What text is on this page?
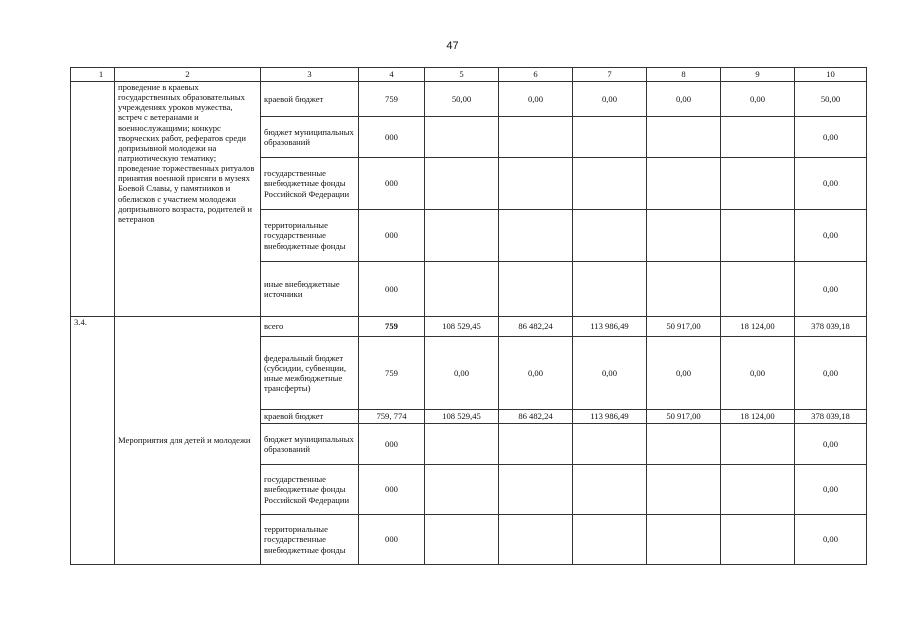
47
1	2	3	4	5	6	7	8	9	10
	проведение в краевых государственных образовательных учреждениях уроков мужества, встреч с ветеранами и военнослужащими; конкурс творческих работ, рефератов среди допризывной молодежи на патриотическую тематику; проведение торжественных ритуалов принятия военной присяги в музеях Боевой Славы, у памятников и обелисков с участием молодежи допризывного возраста, родителей и ветеранов	краевой бюджет	759	50,00	0,00	0,00	0,00	0,00	50,00
		бюджет муниципальных образований	000						0,00
		государственные внебюджетные фонды Российской Федерации	000						0,00
		территориальные государственные внебюджетные фонды	000						0,00
		иные внебюджетные источники	000						0,00
3.4.	Мероприятия для детей и молодежи	всего	759	108 529,45	86 482,24	113 986,49	50 917,00	18 124,00	378 039,18
		федеральный бюджет (субсидии, субвенции, иные межбюджетные трансферты)	759	0,00	0,00	0,00	0,00	0,00	0,00
		краевой бюджет	759, 774	108 529,45	86 482,24	113 986,49	50 917,00	18 124,00	378 039,18
		бюджет муниципальных образований	000						0,00
		государственные внебюджетные фонды Российской Федерации	000						0,00
		территориальные государственные внебюджетные фонды	000						0,00
